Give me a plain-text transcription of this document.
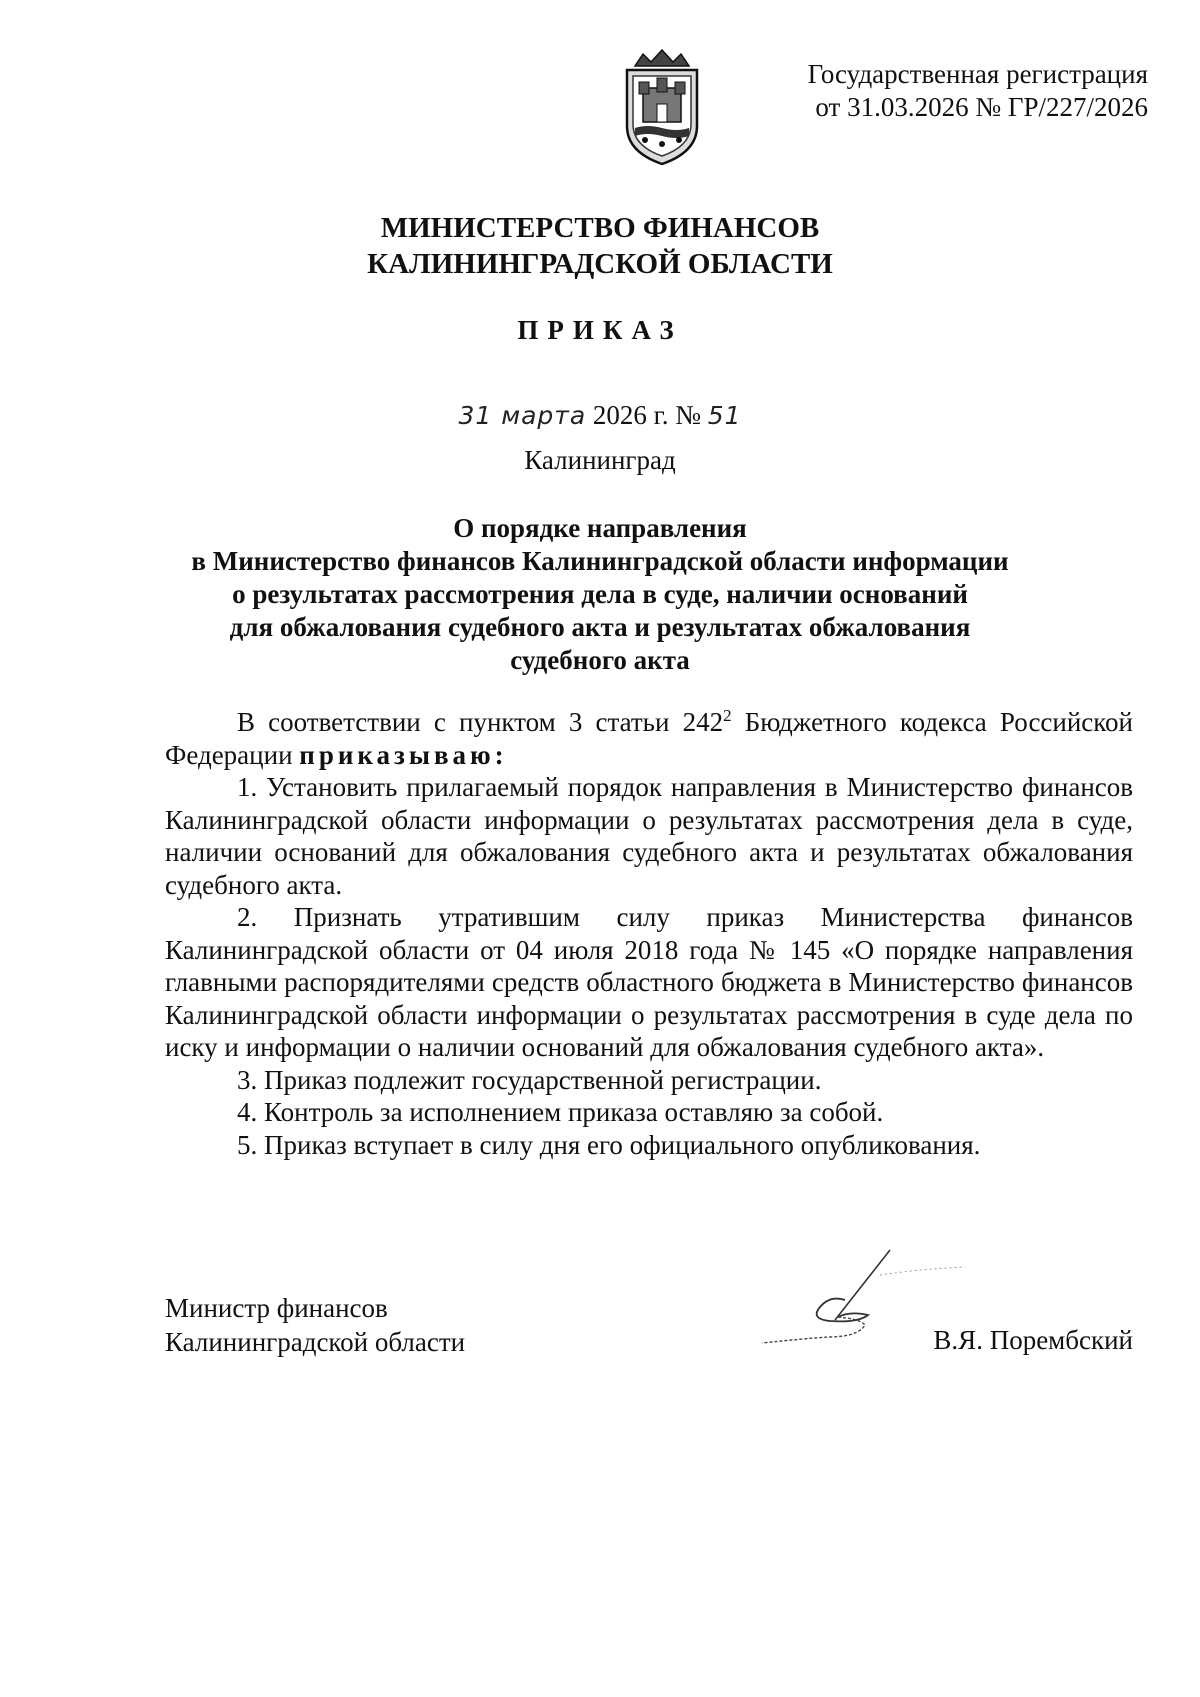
Государственная регистрация
от 31.03.2026 № ГР/227/2026
МИНИСТЕРСТВО ФИНАНСОВ
КАЛИНИНГРАДСКОЙ ОБЛАСТИ
ПРИКАЗ
31 марта 2026 г. № 51
Калининград
О порядке направления
в Министерство финансов Калининградской области информации
о результатах рассмотрения дела в суде, наличии оснований
для обжалования судебного акта и результатах обжалования
судебного акта

В соответствии с пунктом 3 статьи $242^2$ Бюджетного кодекса Российской Федерации приказываю:

1. Установить прилагаемый порядок направления в Министерство финансов Калининградской области информации о результатах рассмотрения дела в суде, наличии оснований для обжалования судебного акта и результатах обжалования судебного акта.

2. Признать утратившим силу приказ Министерства финансов Калининградской области от 04 июля 2018 года № 145 «О порядке направления главными распорядителями средств областного бюджета в Министерство финансов Калининградской области информации о результатах рассмотрения в суде дела по иску и информации о наличии оснований для обжалования судебного акта».

3. Приказ подлежит государственной регистрации.

4. Контроль за исполнением приказа оставляю за собой.

5. Приказ вступает в силу дня его официального опубликования.

Министр финансов
Калининградской области	В.Я. Порембский
